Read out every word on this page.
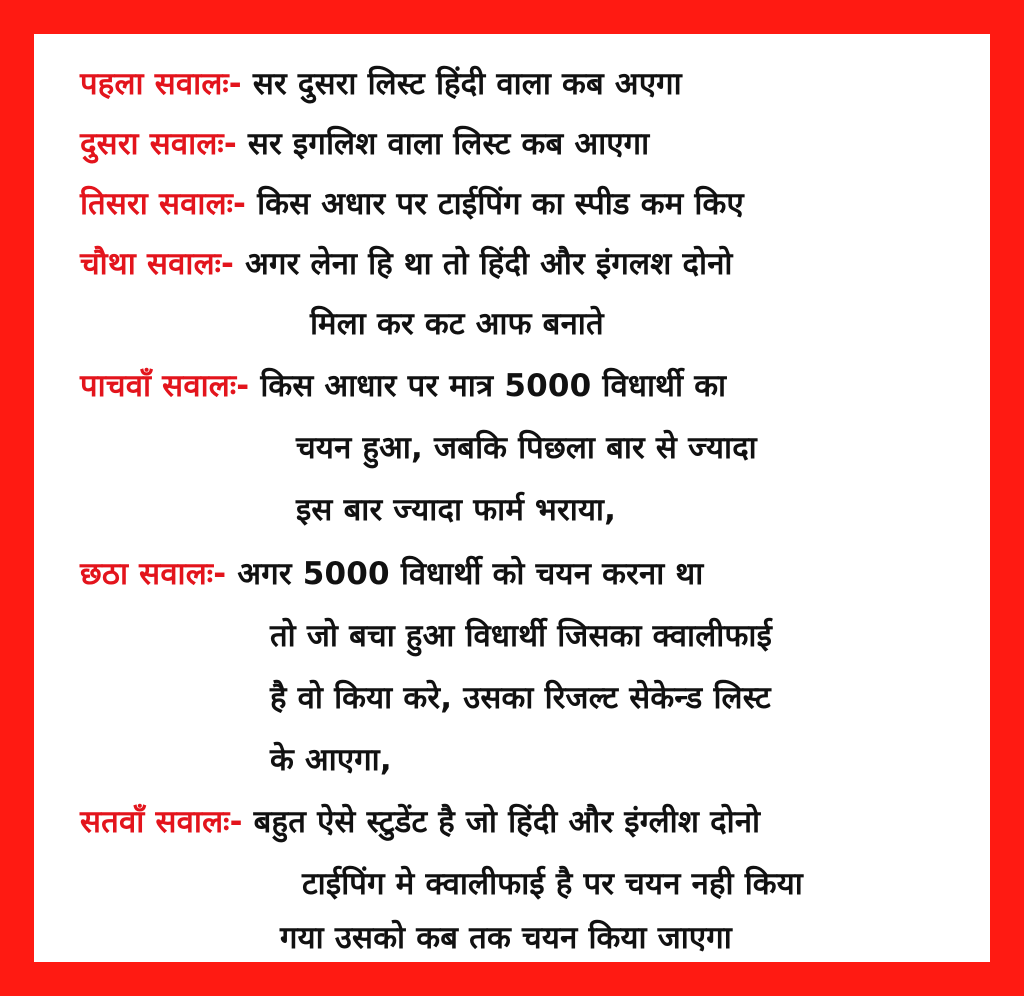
पहला सवालः- सर दुसरा लिस्ट हिंदी वाला कब अएगा
दुसरा सवालः- सर इगलिश वाला लिस्ट कब आएगा
तिसरा सवालः- किस अधार पर टाईपिंग का स्पीड कम किए
चौथा सवालः- अगर लेना हि था तो हिंदी और इंगलश दोनो
मिला कर कट आफ बनाते
पाचवाँ सवालः- किस आधार पर मात्र 5000 विधार्थी का
चयन हुआ, जबकि पिछला बार से ज्यादा
इस बार ज्यादा फार्म भराया,
छठा सवालः- अगर 5000 विधार्थी को चयन करना था
तो जो बचा हुआ विधार्थी जिसका क्वालीफाई
है वो किया करे, उसका रिजल्ट सेकेन्ड लिस्ट
के आएगा,
सतवाँ सवालः- बहुत ऐसे स्टुडेंट है जो हिंदी और इंग्लीश दोनो
टाईपिंग मे क्वालीफाई है पर चयन नही किया
गया उसको कब तक चयन किया जाएगा
